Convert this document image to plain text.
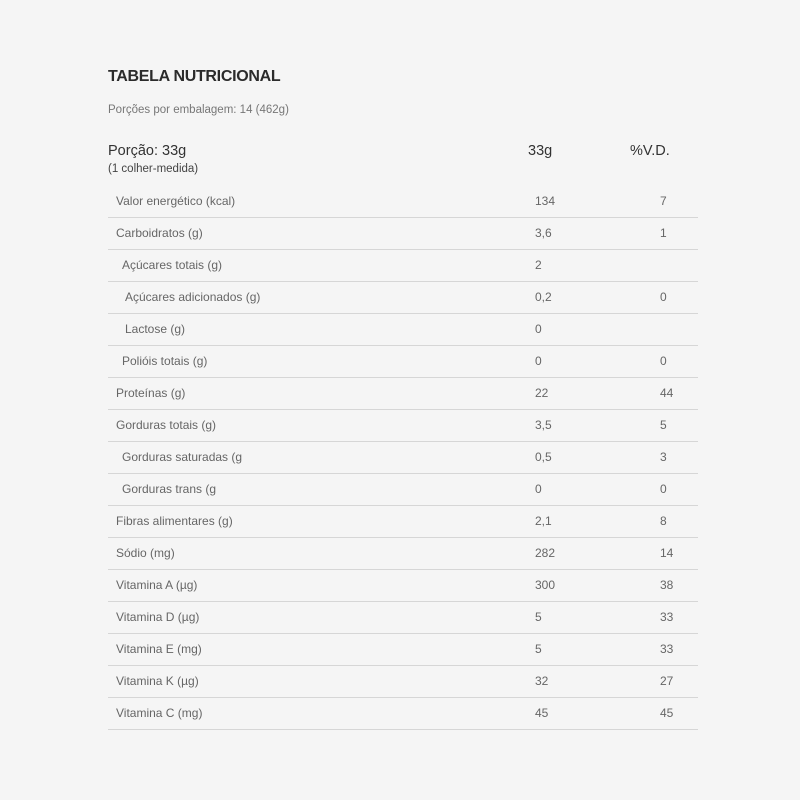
TABELA NUTRICIONAL
Porções por embalagem: 14 (462g)
Porção: 33g
(1 colher-medida)
33g	%V.D.
Valor energético (kcal)	134	7
Carboidratos (g)	3,6	1
Açúcares totais (g)	2
Açúcares adicionados (g)	0,2	0
Lactose (g)	0
Polióis totais (g)	0	0
Proteínas (g)	22	44
Gorduras totais (g)	3,5	5
Gorduras saturadas (g	0,5	3
Gorduras trans (g	0	0
Fibras alimentares (g)	2,1	8
Sódio (mg)	282	14
Vitamina A (µg)	300	38
Vitamina D (µg)	5	33
Vitamina E (mg)	5	33
Vitamina K (µg)	32	27
Vitamina C (mg)	45	45
